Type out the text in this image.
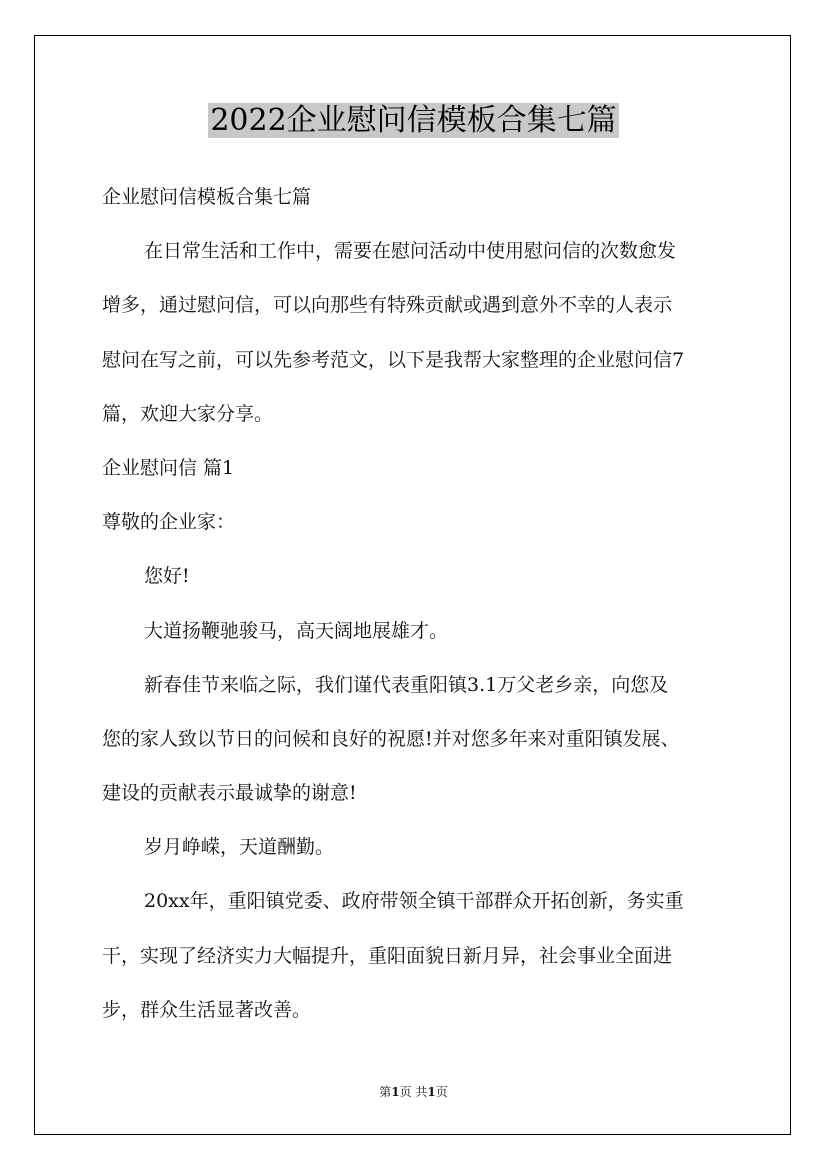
2022企业慰问信模板合集七篇
企业慰问信模板合集七篇
在日常生活和工作中，需要在慰问活动中使用慰问信的次数愈发
增多，通过慰问信，可以向那些有特殊贡献或遇到意外不幸的人表示
慰问在写之前，可以先参考范文，以下是我帮大家整理的企业慰问信7
篇，欢迎大家分享。
企业慰问信 篇1
尊敬的企业家：
您好!
大道扬鞭驰骏马，高天阔地展雄才。
新春佳节来临之际，我们谨代表重阳镇3.1万父老乡亲，向您及
您的家人致以节日的问候和良好的祝愿!并对您多年来对重阳镇发展、
建设的贡献表示最诚挚的谢意!
岁月峥嵘，天道酬勤。
20xx年，重阳镇党委、政府带领全镇干部群众开拓创新，务实重
干，实现了经济实力大幅提升，重阳面貌日新月异，社会事业全面进
步，群众生活显著改善。
第1页 共1页
